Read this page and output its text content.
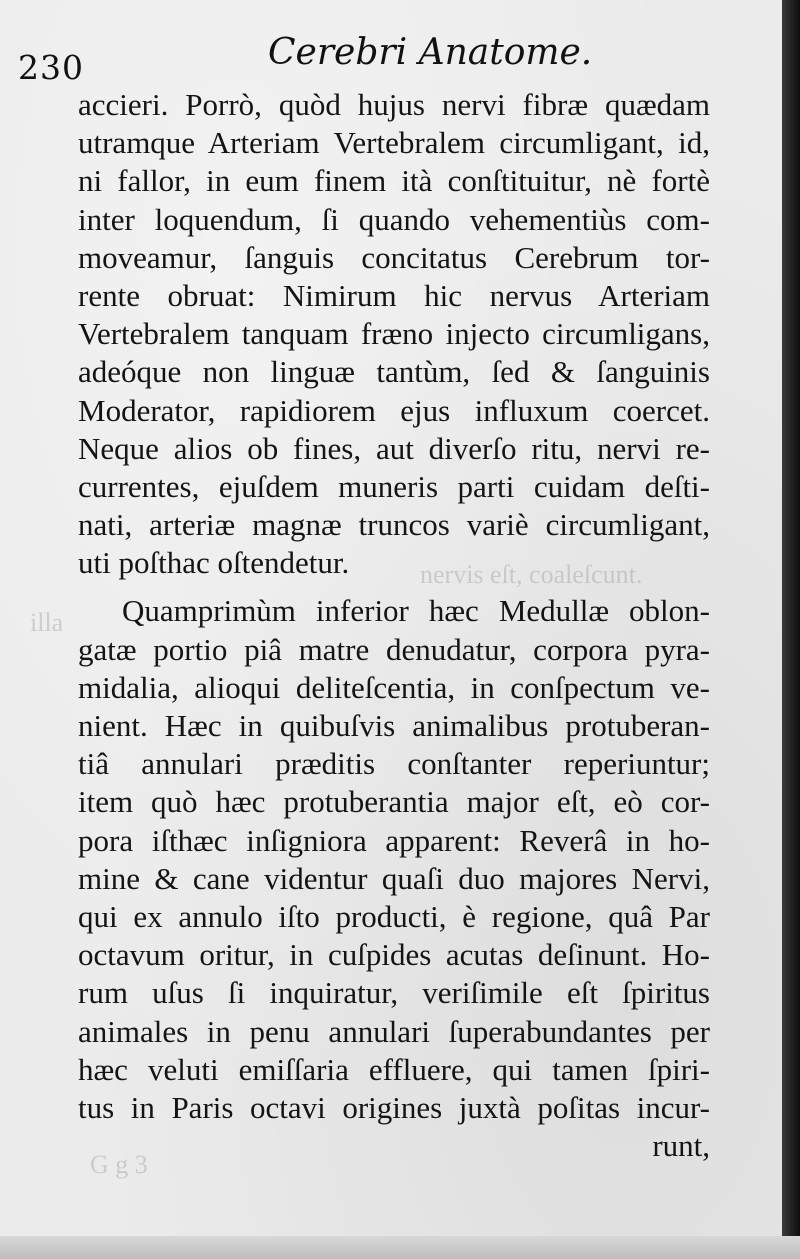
nervis eſt, coaleſcunt.
illa
G g 3
230	Cerebri Anatome.
accieri. Porrò, quòd hujus nervi fibræ quædam
utramque Arteriam Vertebralem circumligant, id,
ni fallor, in eum finem ità conſtituitur, nè fortè
inter loquendum, ſi quando vehementiùs com-
moveamur, ſanguis concitatus Cerebrum tor-
rente obruat: Nimirum hic nervus Arteriam
Vertebralem tanquam fræno injecto circumligans,
adeóque non linguæ tantùm, ſed & ſanguinis
Moderator, rapidiorem ejus influxum coercet.
Neque alios ob fines, aut diverſo ritu, nervi re-
currentes, ejuſdem muneris parti cuidam deſti-
nati, arteriæ magnæ truncos variè circumligant,
uti poſthac oſtendetur.
Quamprimùm inferior hæc Medullæ oblon-
gatæ portio piâ matre denudatur, corpora pyra-
midalia, alioqui deliteſcentia, in conſpectum ve-
nient. Hæc in quibuſvis animalibus protuberan-
tiâ annulari præditis conſtanter reperiuntur;
item quò hæc protuberantia major eſt, eò cor-
pora iſthæc inſigniora apparent: Reverâ in ho-
mine & cane videntur quaſi duo majores Nervi,
qui ex annulo iſto producti, è regione, quâ Par
octavum oritur, in cuſpides acutas deſinunt. Ho-
rum uſus ſi inquiratur, veriſimile eſt ſpiritus
animales in penu annulari ſuperabundantes per
hæc veluti emiſſaria effluere, qui tamen ſpiri-
tus in Paris octavi origines juxtà poſitas incur-
runt,
